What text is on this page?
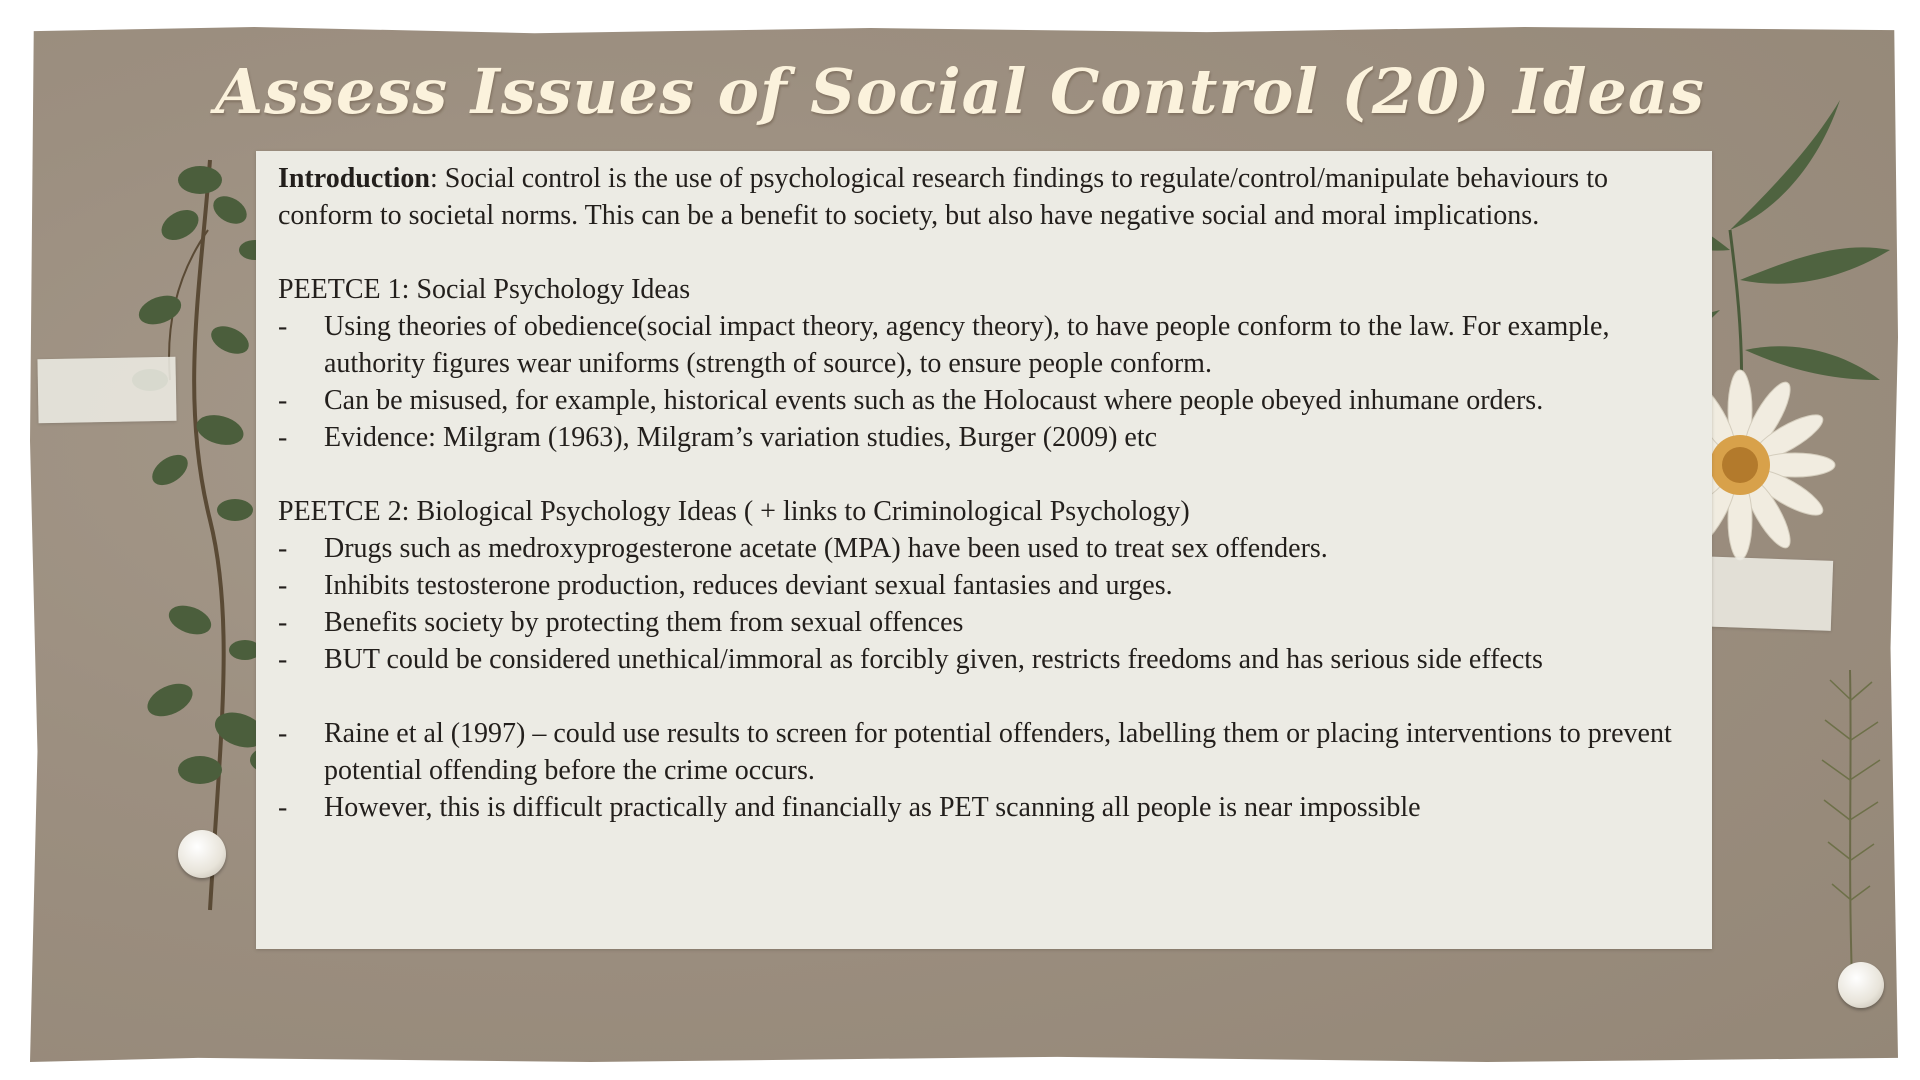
Assess Issues of Social Control (20) Ideas

Introduction: Social control is the use of psychological research findings to regulate/control/manipulate behaviours to conform to societal norms. This can be a benefit to society, but also have negative social and moral implications.

PEETCE 1: Social Psychology Ideas

- Using theories of obedience(social impact theory, agency theory), to have people conform to the law. For example, authority figures wear uniforms (strength of source), to ensure people conform.
- Can be misused, for example, historical events such as the Holocaust where people obeyed inhumane orders.
- Evidence: Milgram (1963), Milgram’s variation studies, Burger (2009) etc

PEETCE 2: Biological Psychology Ideas ( + links to Criminological Psychology)

- Drugs such as medroxyprogesterone acetate (MPA) have been used to treat sex offenders.
- Inhibits testosterone production, reduces deviant sexual fantasies and urges.
- Benefits society by protecting them from sexual offences
- BUT could be considered unethical/immoral as forcibly given, restricts freedoms and has serious side effects
- Raine et al (1997) – could use results to screen for potential offenders, labelling them or placing interventions to prevent potential offending before the crime occurs.
- However, this is difficult practically and financially as PET scanning all people is near impossible
